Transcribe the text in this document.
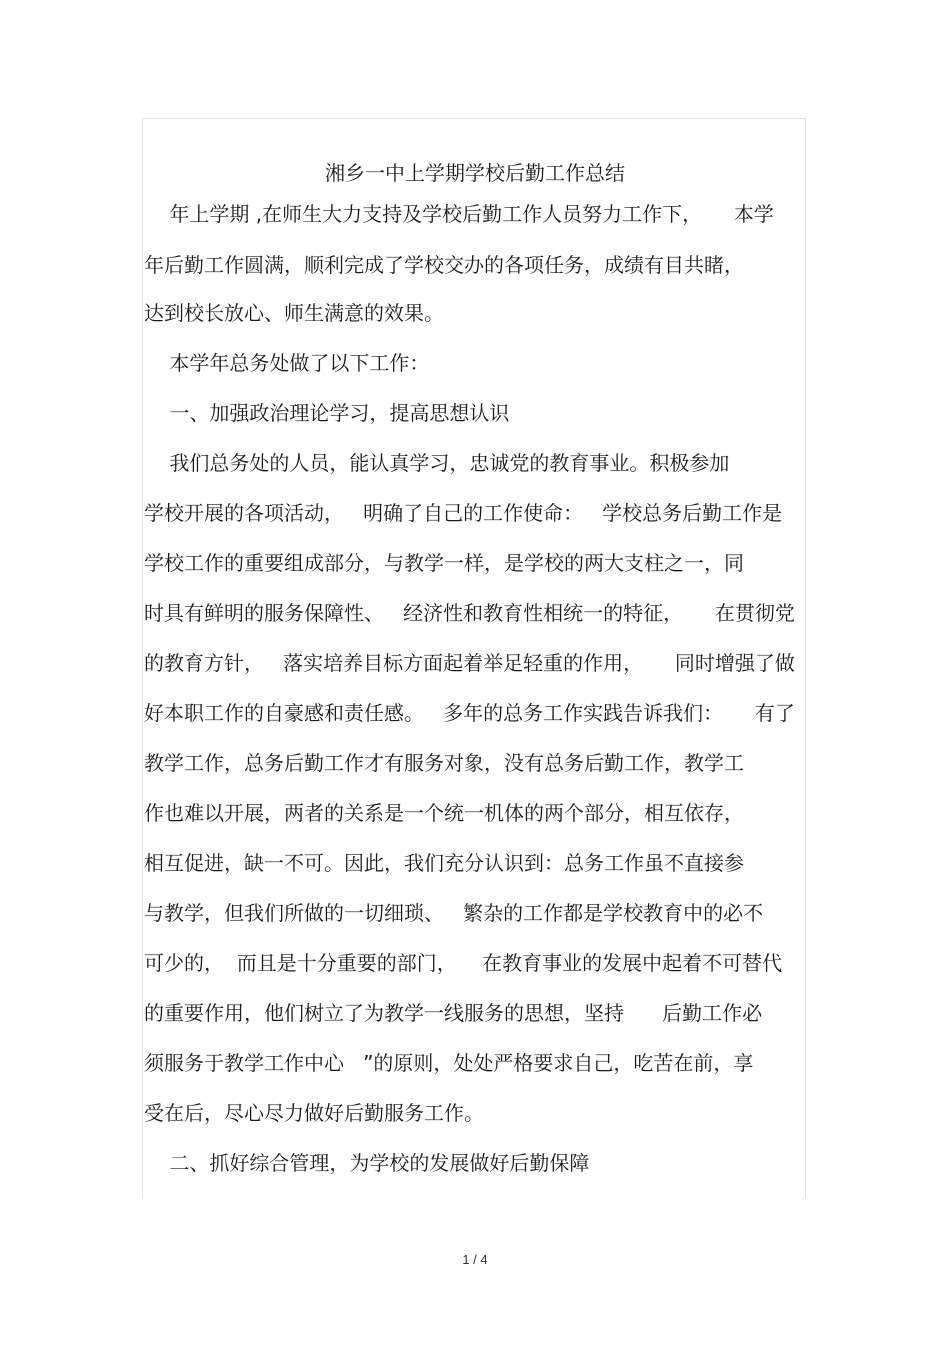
湘乡一中上学期学校后勤工作总结
年上学期 ,在师生大力支持及学校后勤工作人员努力工作下，     本学
年后勤工作圆满，顺利完成了学校交办的各项任务，成绩有目共睹，
达到校长放心、师生满意的效果。
本学年总务处做了以下工作：
一、加强政治理论学习，提高思想认识
我们总务处的人员，能认真学习，忠诚党的教育事业。积极参加
学校开展的各项活动，   明确了自己的工作使命：   学校总务后勤工作是
学校工作的重要组成部分，与教学一样，是学校的两大支柱之一，同
时具有鲜明的服务保障性、   经济性和教育性相统一的特征，     在贯彻党
的教育方针，   落实培养目标方面起着举足轻重的作用，     同时增强了做
好本职工作的自豪感和责任感。   多年的总务工作实践告诉我们：     有了
教学工作，总务后勤工作才有服务对象，没有总务后勤工作，教学工
作也难以开展，两者的关系是一个统一机体的两个部分，相互依存，
相互促进，缺一不可。因此，我们充分认识到：总务工作虽不直接参
与教学，但我们所做的一切细琐、   繁杂的工作都是学校教育中的必不
可少的，  而且是十分重要的部门，    在教育事业的发展中起着不可替代
的重要作用，他们树立了为教学一线服务的思想，坚持      后勤工作必
须服务于教学工作中心   ”的原则，处处严格要求自己，吃苦在前，享
受在后，尽心尽力做好后勤服务工作。
二、抓好综合管理，为学校的发展做好后勤保障
1 / 4
